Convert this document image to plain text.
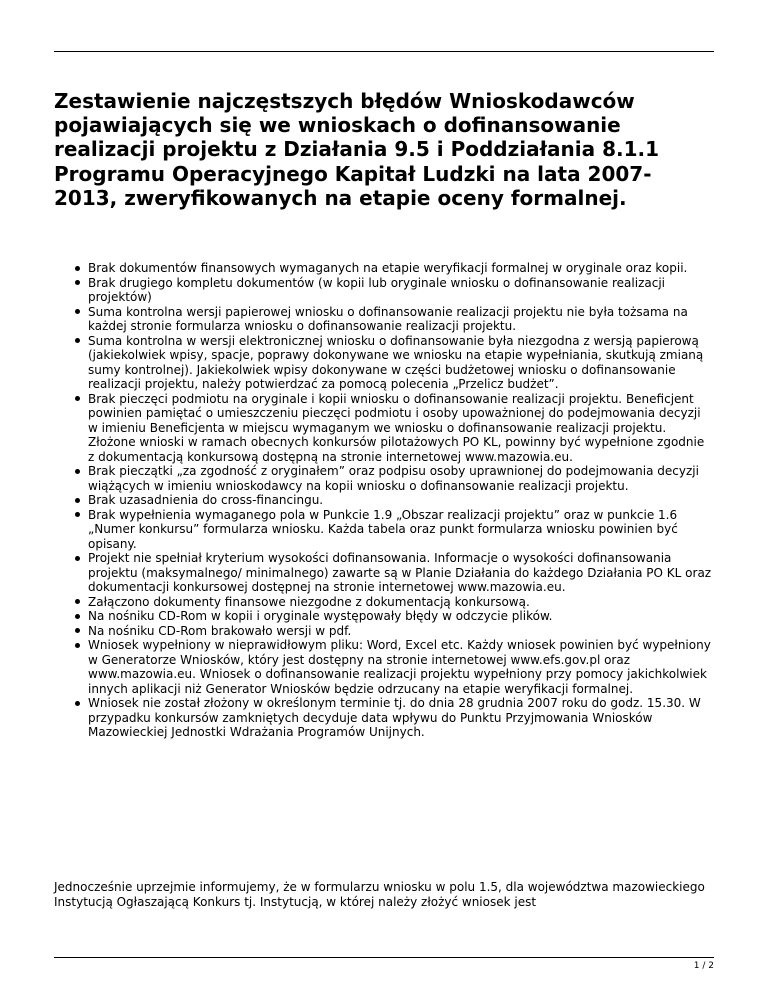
Zestawienie najczęstszych błędów Wnioskodawców pojawiających się we wnioskach o dofinansowanie realizacji projektu z Działania 9.5 i Poddziałania 8.1.1 Programu Operacyjnego Kapitał Ludzki na lata 2007-2013, zweryfikowanych na etapie oceny formalnej.
Brak dokumentów finansowych wymaganych na etapie weryfikacji formalnej w oryginale oraz kopii.
Brak drugiego kompletu dokumentów (w kopii lub oryginale wniosku o dofinansowanie realizacji projektów)
Suma kontrolna wersji papierowej wniosku o dofinansowanie realizacji projektu nie była tożsama na każdej stronie formularza wniosku o dofinansowanie realizacji projektu.
Suma kontrolna w wersji elektronicznej wniosku o dofinansowanie była niezgodna z wersją papierową (jakiekolwiek wpisy, spacje, poprawy dokonywane we wniosku na etapie wypełniania, skutkują zmianą sumy kontrolnej). Jakiekolwiek wpisy dokonywane w części budżetowej wniosku o dofinansowanie realizacji projektu, należy potwierdzać za pomocą polecenia „Przelicz budżet”.
Brak pieczęci podmiotu na oryginale i kopii wniosku o dofinansowanie realizacji projektu. Beneficjent powinien pamiętać o umieszczeniu pieczęci podmiotu i osoby upoważnionej do podejmowania decyzji w imieniu Beneficjenta w miejscu wymaganym we wniosku o dofinansowanie realizacji projektu. Złożone wnioski w ramach obecnych konkursów pilotażowych PO KL, powinny być wypełnione zgodnie z dokumentacją konkursową dostępną na stronie internetowej www.mazowia.eu.
Brak pieczątki „za zgodność z oryginałem” oraz podpisu osoby uprawnionej do podejmowania decyzji wiążących w imieniu wnioskodawcy na kopii wniosku o dofinansowanie realizacji projektu.
Brak uzasadnienia do cross-financingu.
Brak wypełnienia wymaganego pola w Punkcie 1.9 „Obszar realizacji projektu” oraz w punkcie 1.6 „Numer konkursu” formularza wniosku. Każda tabela oraz punkt formularza wniosku powinien być opisany.
Projekt nie spełniał kryterium wysokości dofinansowania. Informacje o wysokości dofinansowania projektu (maksymalnego/ minimalnego) zawarte są w Planie Działania do każdego Działania PO KL oraz dokumentacji konkursowej dostępnej na stronie internetowej www.mazowia.eu.
Załączono dokumenty finansowe niezgodne z dokumentacją konkursową.
Na nośniku CD-Rom w kopii i oryginale występowały błędy w odczycie plików.
Na nośniku CD-Rom brakowało wersji w pdf.
Wniosek wypełniony w nieprawidłowym pliku: Word, Excel etc. Każdy wniosek powinien być wypełniony w Generatorze Wniosków, który jest dostępny na stronie internetowej www.efs.gov.pl oraz www.mazowia.eu. Wniosek o dofinansowanie realizacji projektu wypełniony przy pomocy jakichkolwiek innych aplikacji niż Generator Wniosków będzie odrzucany na etapie weryfikacji formalnej.
Wniosek nie został złożony w określonym terminie tj. do dnia 28 grudnia 2007 roku do godz. 15.30. W przypadku konkursów zamkniętych decyduje data wpływu do Punktu Przyjmowania Wniosków Mazowieckiej Jednostki Wdrażania Programów Unijnych.

Jednocześnie uprzejmie informujemy, że w formularzu wniosku w polu 1.5, dla województwa mazowieckiego Instytucją Ogłaszającą Konkurs tj. Instytucją, w której należy złożyć wniosek jest

1 / 2
